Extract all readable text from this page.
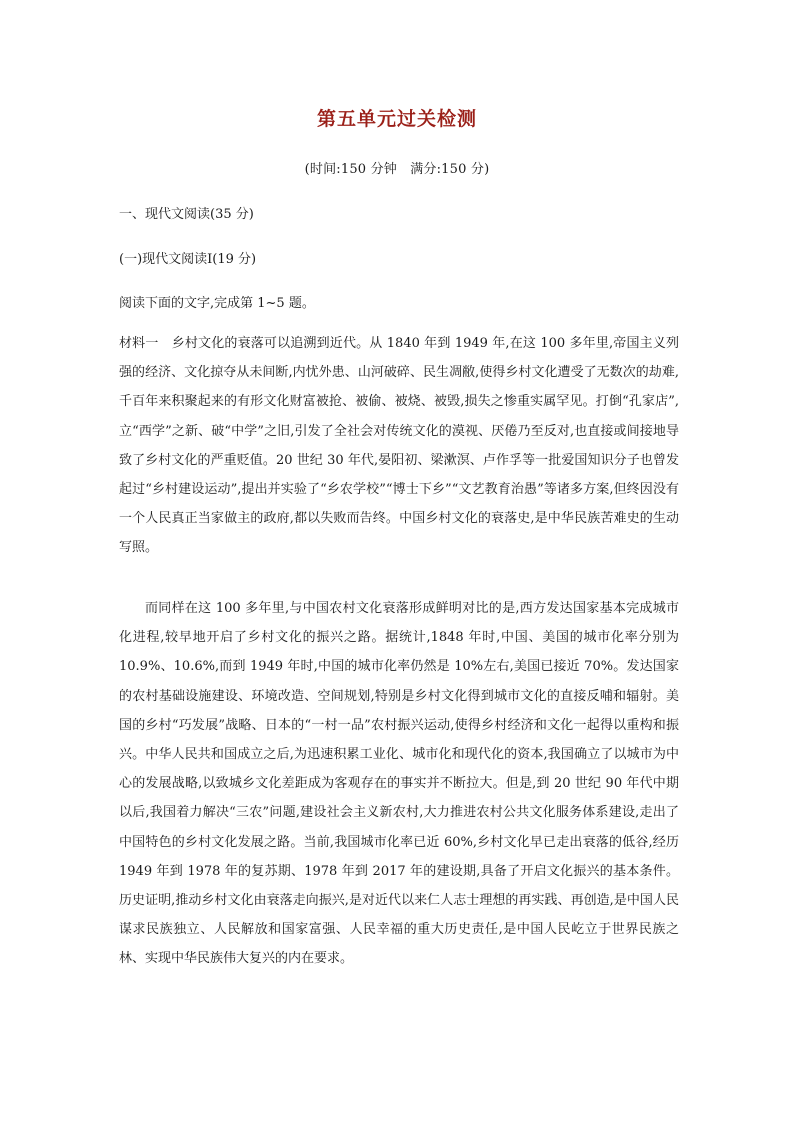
第五单元过关检测
(时间:150 分钟　满分:150 分)
一、现代文阅读(35 分)
(一)现代文阅读Ⅰ(19 分)
阅读下面的文字,完成第 1~5 题。
材料一　乡村文化的衰落可以追溯到近代。从 1840 年到 1949 年,在这 100 多年里,帝国主义列强的经济、文化掠夺从未间断,内忧外患、山河破碎、民生凋敝,使得乡村文化遭受了无数次的劫难,千百年来积聚起来的有形文化财富被抢、被偷、被烧、被毁,损失之惨重实属罕见。打倒“孔家店”,立“西学”之新、破“中学”之旧,引发了全社会对传统文化的漠视、厌倦乃至反对,也直接或间接地导致了乡村文化的严重贬值。20 世纪 30 年代,晏阳初、梁漱溟、卢作孚等一批爱国知识分子也曾发起过“乡村建设运动”,提出并实验了“乡农学校”“博士下乡”“文艺教育治愚”等诸多方案,但终因没有一个人民真正当家做主的政府,都以失败而告终。中国乡村文化的衰落史,是中华民族苦难史的生动写照。
而同样在这 100 多年里,与中国农村文化衰落形成鲜明对比的是,西方发达国家基本完成城市化进程,较早地开启了乡村文化的振兴之路。据统计,1848 年时,中国、美国的城市化率分别为 10.9%、10.6%,而到 1949 年时,中国的城市化率仍然是 10%左右,美国已接近 70%。发达国家的农村基础设施建设、环境改造、空间规划,特别是乡村文化得到城市文化的直接反哺和辐射。美国的乡村“巧发展”战略、日本的“一村一品”农村振兴运动,使得乡村经济和文化一起得以重构和振兴。中华人民共和国成立之后,为迅速积累工业化、城市化和现代化的资本,我国确立了以城市为中心的发展战略,以致城乡文化差距成为客观存在的事实并不断拉大。但是,到 20 世纪 90 年代中期以后,我国着力解决“三农”问题,建设社会主义新农村,大力推进农村公共文化服务体系建设,走出了中国特色的乡村文化发展之路。当前,我国城市化率已近 60%,乡村文化早已走出衰落的低谷,经历 1949 年到 1978 年的复苏期、1978 年到 2017 年的建设期,具备了开启文化振兴的基本条件。历史证明,推动乡村文化由衰落走向振兴,是对近代以来仁人志士理想的再实践、再创造,是中国人民谋求民族独立、人民解放和国家富强、人民幸福的重大历史责任,是中国人民屹立于世界民族之林、实现中华民族伟大复兴的内在要求。
